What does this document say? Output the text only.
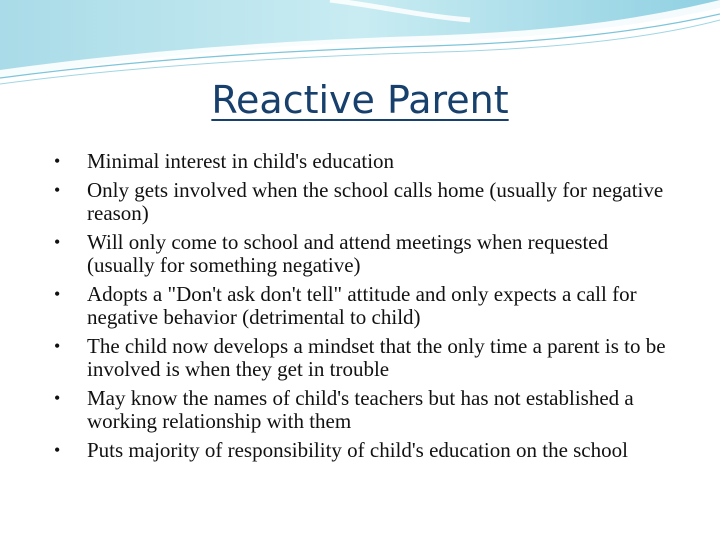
Reactive Parent
• Minimal interest in child's education
• Only gets involved when the school calls home (usually for negative reason)
• Will only come to school and attend meetings when requested (usually for something negative)
• Adopts a "Don't ask don't tell" attitude and only expects a call for negative behavior (detrimental to child)
• The child now develops a mindset that the only time a parent is to be involved is when they get in trouble
• May know the names of child's teachers but has not established a working relationship with them
• Puts majority of responsibility of child's education on the school
